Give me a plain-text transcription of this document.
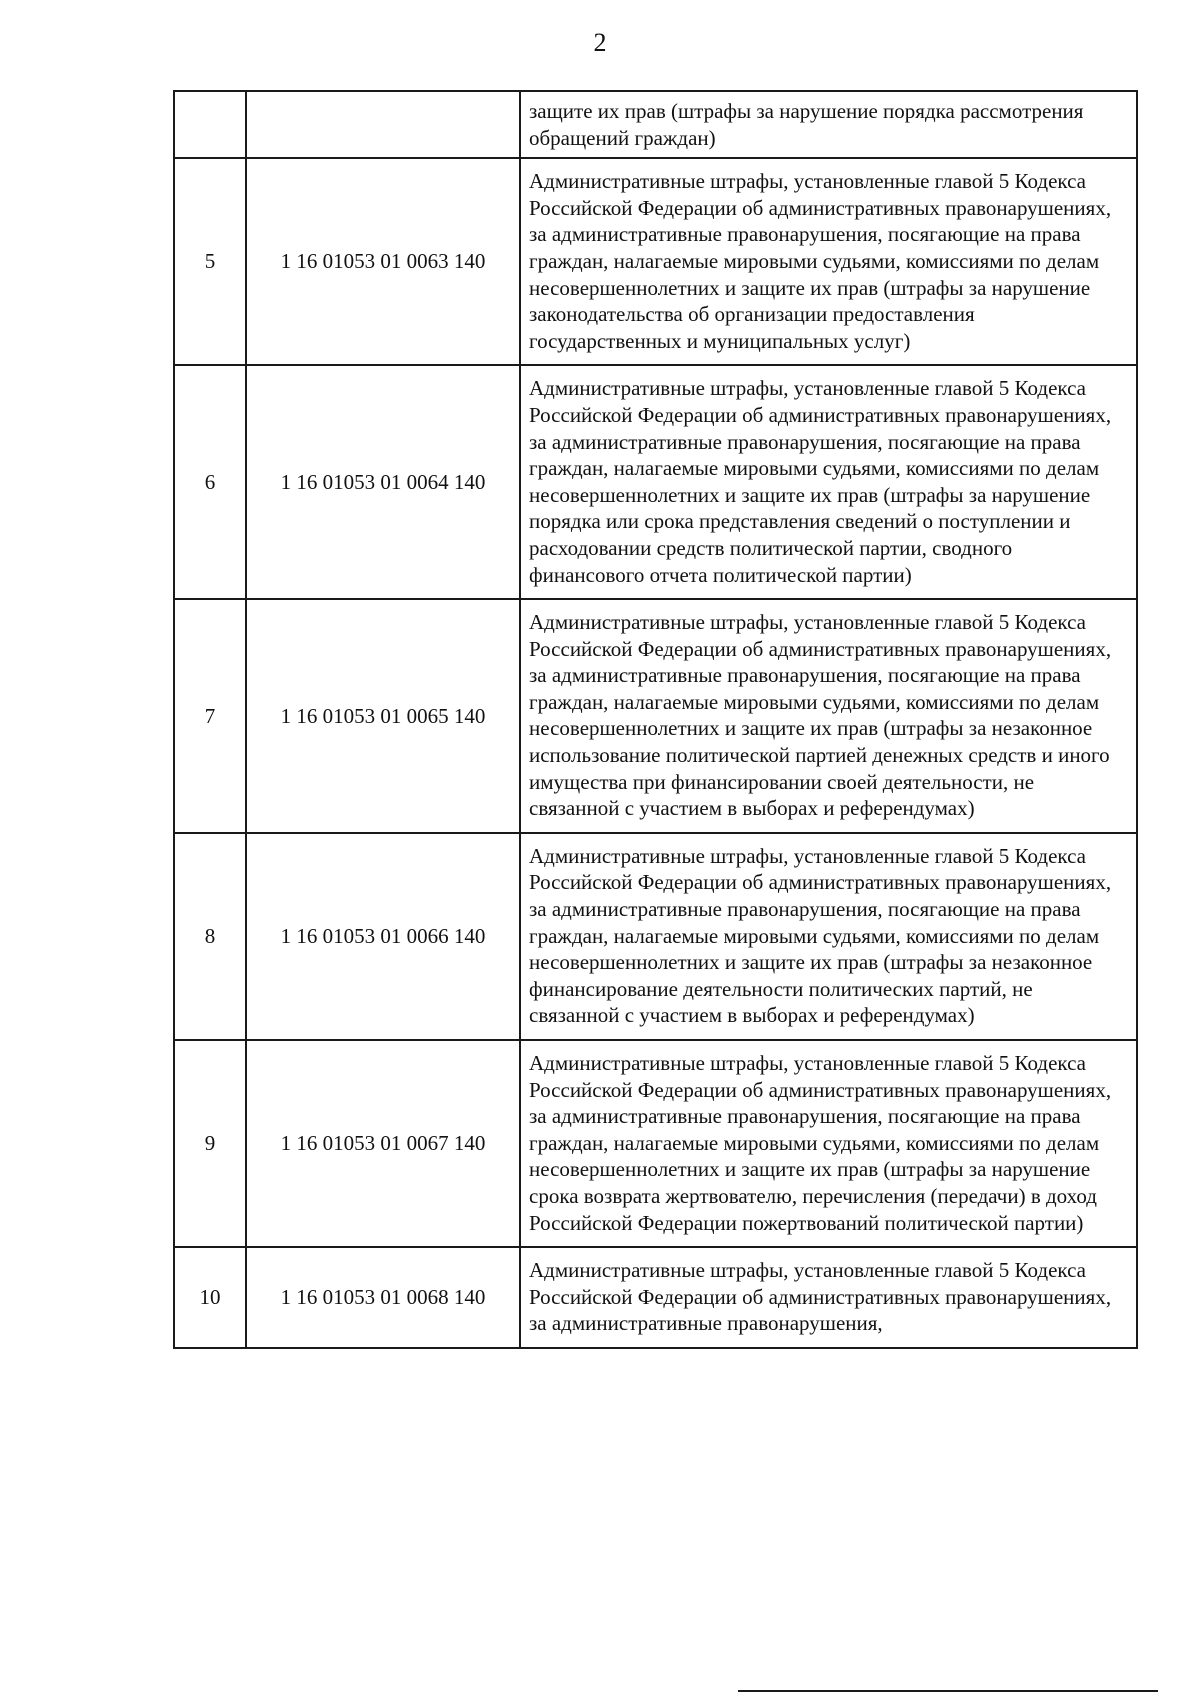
2
		защите их прав (штрафы за нарушение порядка рассмотрения обращений граждан)
5	1 16 01053 01 0063 140	Административные штрафы, установленные главой 5 Кодекса Российской Федерации об административных правонарушениях, за административные правонарушения, посягающие на права граждан, налагаемые мировыми судьями, комиссиями по делам несовершеннолетних и защите их прав (штрафы за нарушение законодательства об организации предоставления государственных и муниципальных услуг)
6	1 16 01053 01 0064 140	Административные штрафы, установленные главой 5 Кодекса Российской Федерации об административных правонарушениях, за административные правонарушения, посягающие на права граждан, налагаемые мировыми судьями, комиссиями по делам несовершеннолетних и защите их прав (штрафы за нарушение порядка или срока представления сведений о поступлении и расходовании средств политической партии, сводного финансового отчета политической партии)
7	1 16 01053 01 0065 140	Административные штрафы, установленные главой 5 Кодекса Российской Федерации об административных правонарушениях, за административные правонарушения, посягающие на права граждан, налагаемые мировыми судьями, комиссиями по делам несовершеннолетних и защите их прав (штрафы за незаконное использование политической партией денежных средств и иного имущества при финансировании своей деятельности, не связанной с участием в выборах и референдумах)
8	1 16 01053 01 0066 140	Административные штрафы, установленные главой 5 Кодекса Российской Федерации об административных правонарушениях, за административные правонарушения, посягающие на права граждан, налагаемые мировыми судьями, комиссиями по делам несовершеннолетних и защите их прав (штрафы за незаконное финансирование деятельности политических партий, не связанной с участием в выборах и референдумах)
9	1 16 01053 01 0067 140	Административные штрафы, установленные главой 5 Кодекса Российской Федерации об административных правонарушениях, за административные правонарушения, посягающие на права граждан, налагаемые мировыми судьями, комиссиями по делам несовершеннолетних и защите их прав (штрафы за нарушение срока возврата жертвователю, перечисления (передачи) в доход Российской Федерации пожертвований политической партии)
10	1 16 01053 01 0068 140	Административные штрафы, установленные главой 5 Кодекса Российской Федерации об административных правонарушениях, за административные правонарушения,
